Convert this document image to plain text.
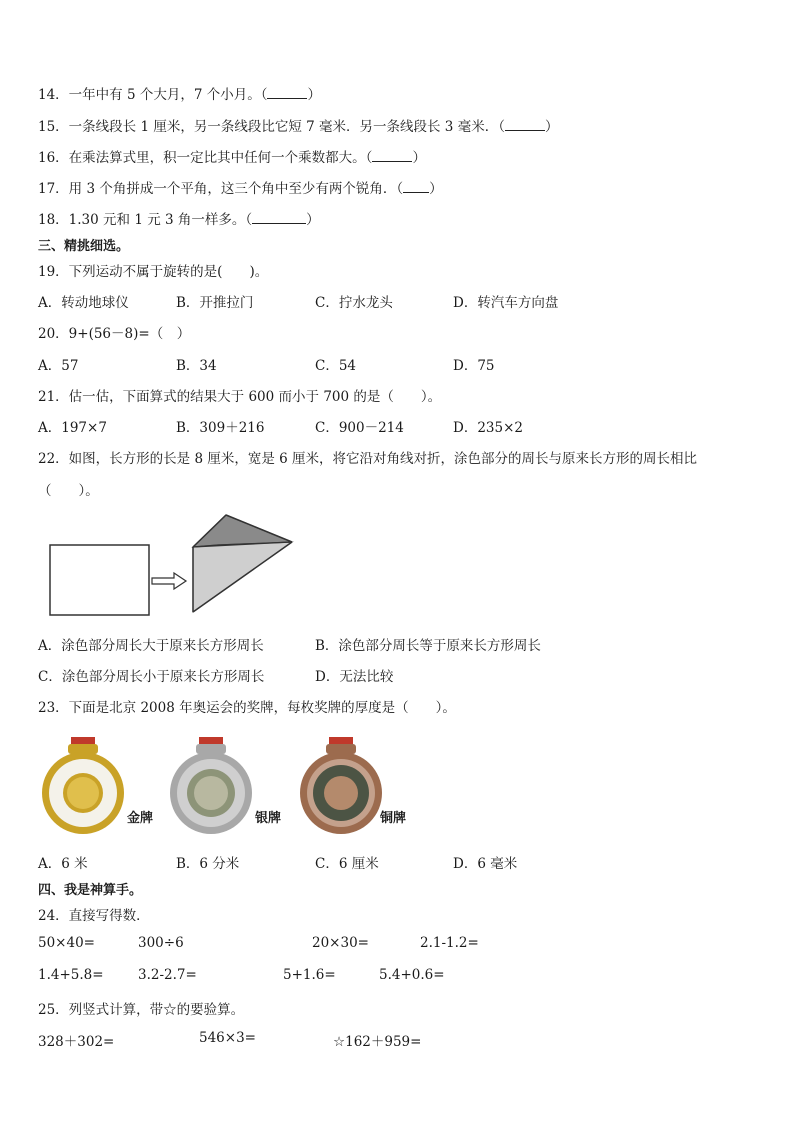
14．一年中有 5 个大月，7 个小月。（	）
15．一条线段长 1 厘米，另一条线段比它短 7 毫米．另一条线段长 3 毫米．（	）
16．在乘法算式里，积一定比其中任何一个乘数都大。（	）
17．用 3 个角拼成一个平角，这三个角中至少有两个锐角．（ ）
18．1.30 元和 1 元 3 角一样多。（	）
三、精挑细选。
19．下列运动不属于旋转的是(　　)。
A．转动地球仪	B．开推拉门	C．拧水龙头	D．转汽车方向盘
20．9+(56－8)=（　）
A．57	B．34	C．54	D．75
21．估一估，下面算式的结果大于 600 而小于 700 的是（　　）。
A．197×7	B．309＋216	C．900－214	D．235×2
22．如图，长方形的长是 8 厘米，宽是 6 厘米，将它沿对角线对折，涂色部分的周长与原来长方形的周长相比
（　　）。
A．涂色部分周长大于原来长方形周长	B．涂色部分周长等于原来长方形周长
C．涂色部分周长小于原来长方形周长	D．无法比较
23．下面是北京 2008 年奥运会的奖牌，每枚奖牌的厚度是（　　）。
金牌	银牌	铜牌
A．6 米	B．6 分米	C．6 厘米	D．6 毫米
四、我是神算手。
24．直接写得数．
50×40=	300÷6	20×30=	2.1-1.2=
1.4+5.8=	3.2-2.7=	5+1.6=	5.4+0.6=
25．列竖式计算，带☆的要验算。
328＋302=	546×3=	☆162＋959=
